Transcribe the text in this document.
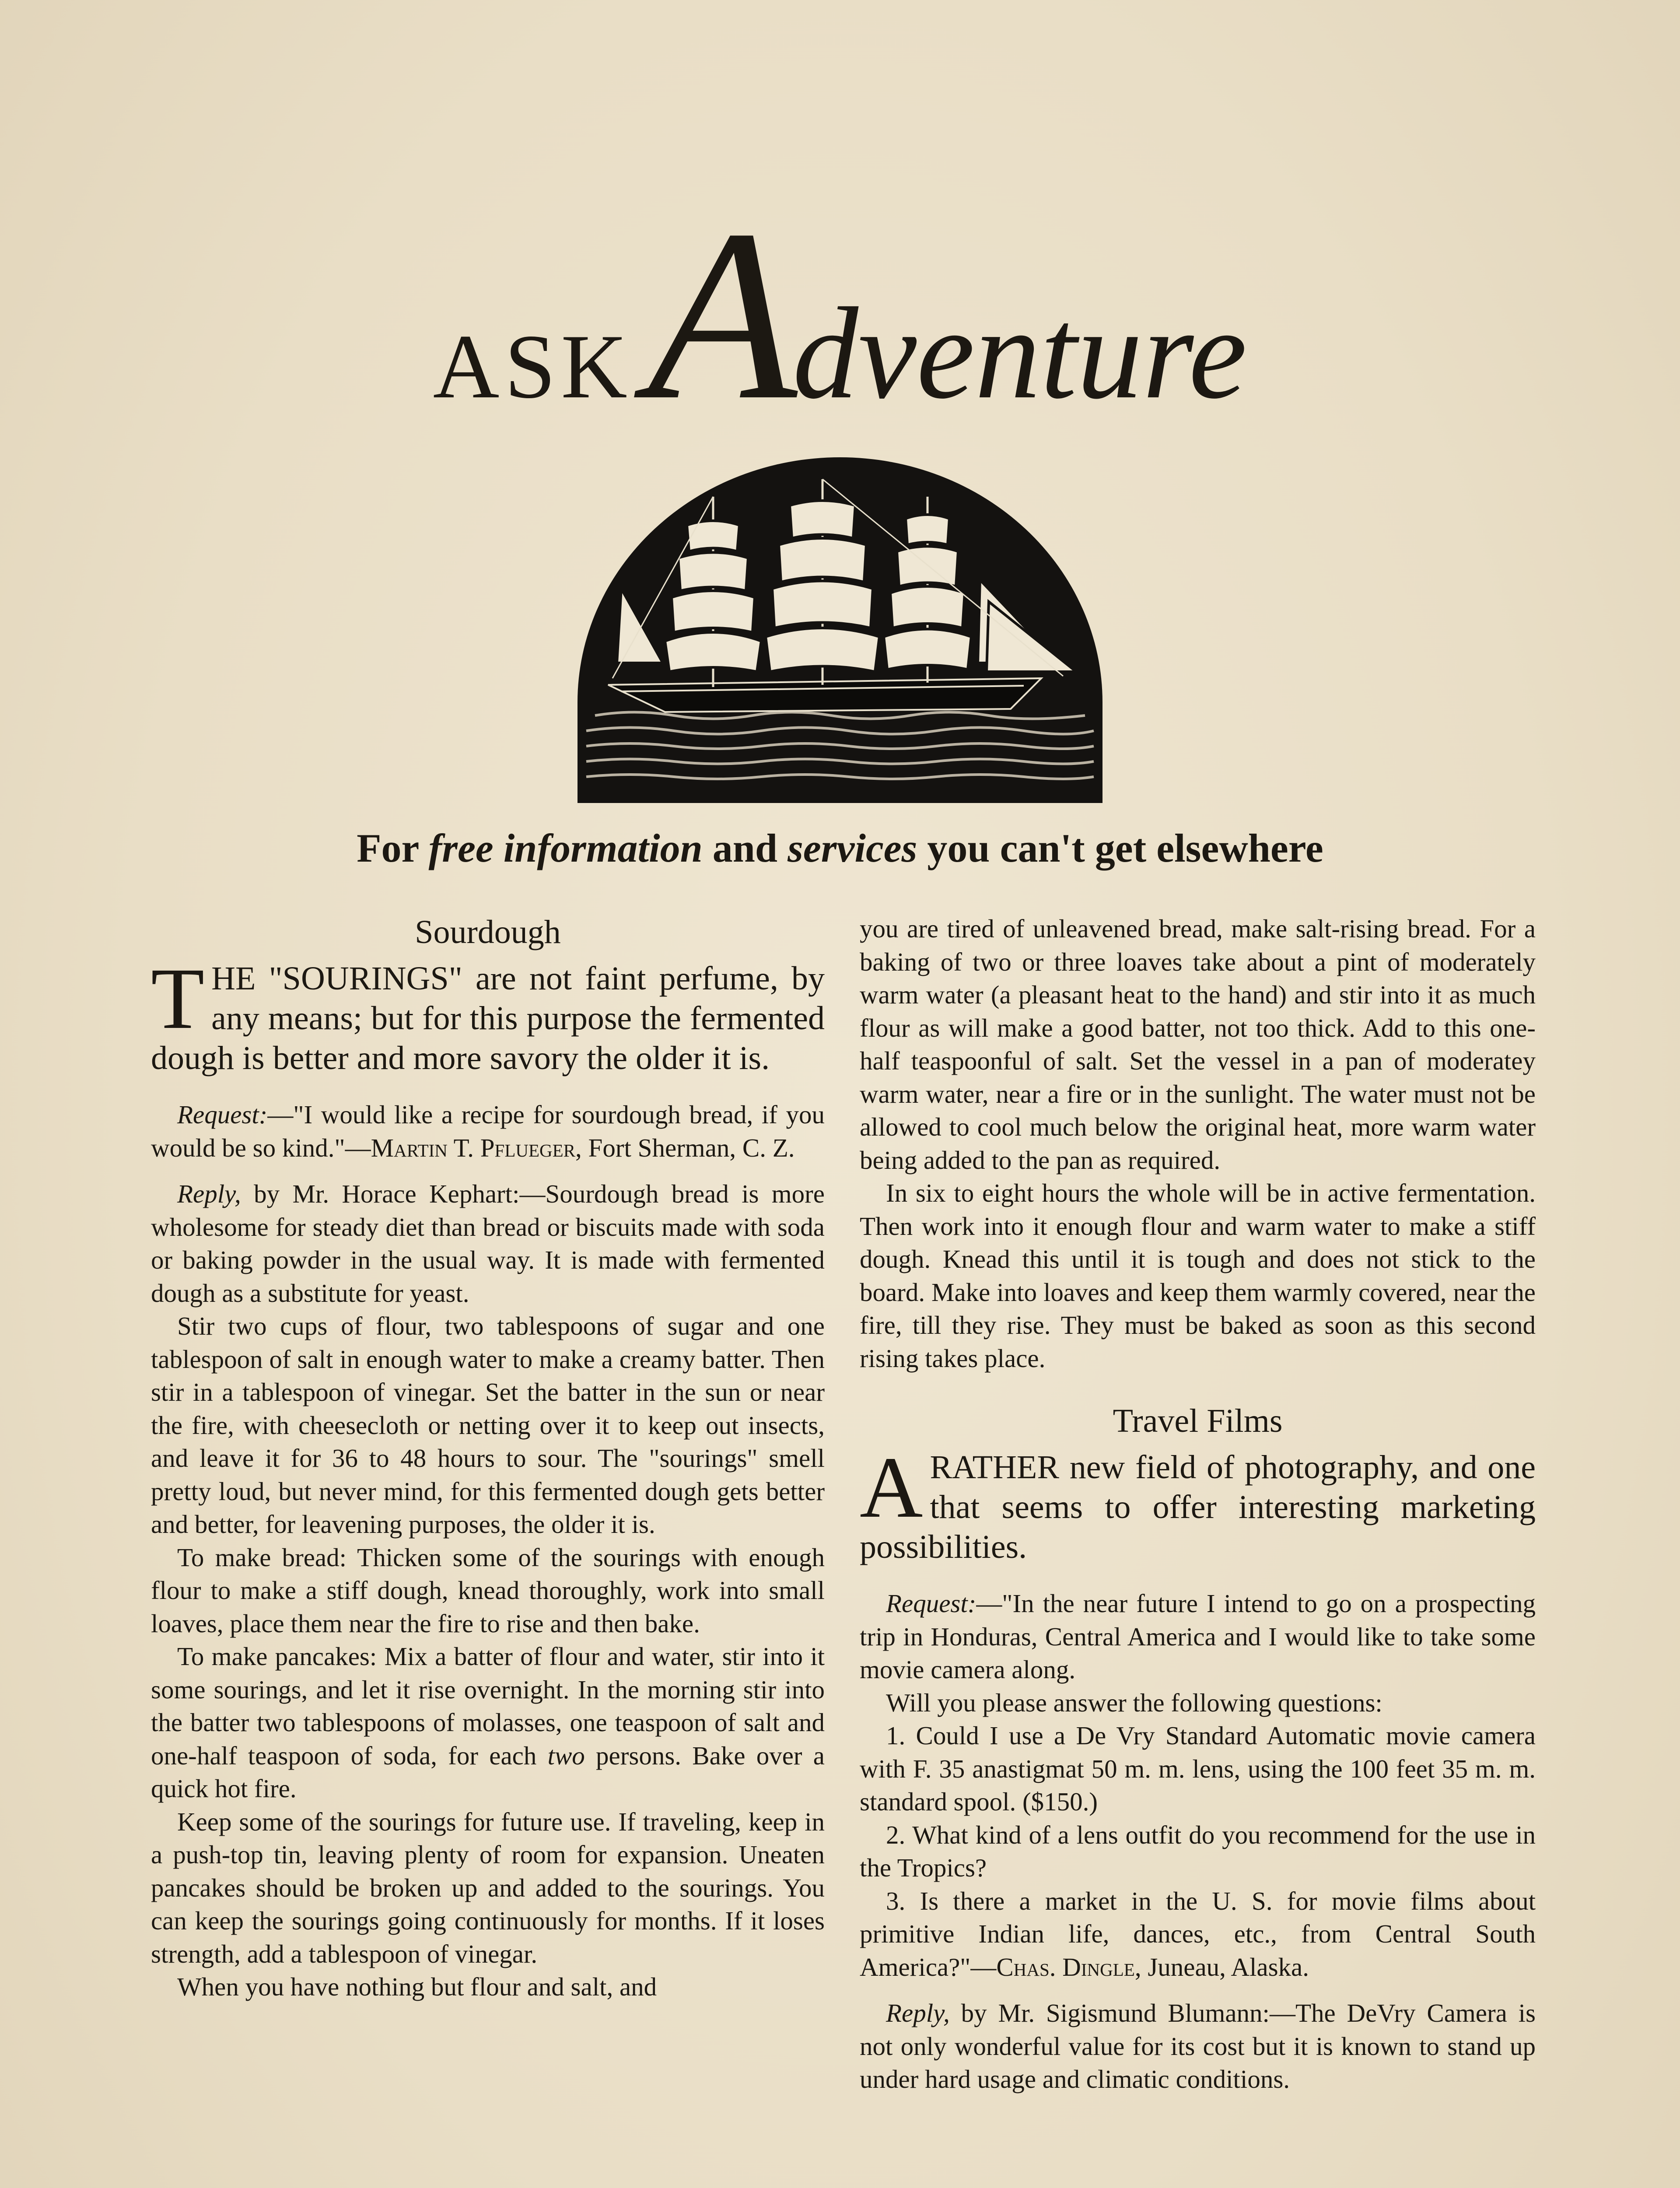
ASK Adventure
For free information and services you can't get elsewhere
Sourdough
THE "SOURINGS" are not faint perfume, by any means; but for this purpose the fermented dough is better and more savory the older it is.

Request:—"I would like a recipe for sourdough bread, if you would be so kind."—Martin T. Pflueger, Fort Sherman, C. Z.

Reply, by Mr. Horace Kephart:—Sourdough bread is more wholesome for steady diet than bread or biscuits made with soda or baking powder in the usual way. It is made with fermented dough as a substitute for yeast.

Stir two cups of flour, two tablespoons of sugar and one tablespoon of salt in enough water to make a creamy batter. Then stir in a tablespoon of vinegar. Set the batter in the sun or near the fire, with cheesecloth or netting over it to keep out insects, and leave it for 36 to 48 hours to sour. The "sourings" smell pretty loud, but never mind, for this fermented dough gets better and better, for leavening purposes, the older it is.

To make bread: Thicken some of the sourings with enough flour to make a stiff dough, knead thoroughly, work into small loaves, place them near the fire to rise and then bake.

To make pancakes: Mix a batter of flour and water, stir into it some sourings, and let it rise overnight. In the morning stir into the batter two tablespoons of molasses, one teaspoon of salt and one-half teaspoon of soda, for each two persons. Bake over a quick hot fire.

Keep some of the sourings for future use. If traveling, keep in a push-top tin, leaving plenty of room for expansion. Uneaten pancakes should be broken up and added to the sourings. You can keep the sourings going continuously for months. If it loses strength, add a tablespoon of vinegar.

When you have nothing but flour and salt, and

you are tired of unleavened bread, make salt-rising bread. For a baking of two or three loaves take about a pint of moderately warm water (a pleasant heat to the hand) and stir into it as much flour as will make a good batter, not too thick. Add to this one-half teaspoonful of salt. Set the vessel in a pan of moderatey warm water, near a fire or in the sunlight. The water must not be allowed to cool much below the original heat, more warm water being added to the pan as required.

In six to eight hours the whole will be in active fermentation. Then work into it enough flour and warm water to make a stiff dough. Knead this until it is tough and does not stick to the board. Make into loaves and keep them warmly covered, near the fire, till they rise. They must be baked as soon as this second rising takes place.

Travel Films
ARATHER new field of photography, and one that seems to offer interesting marketing possibilities.

Request:—"In the near future I intend to go on a prospecting trip in Honduras, Central America and I would like to take some movie camera along.

Will you please answer the following questions:

1. Could I use a De Vry Standard Automatic movie camera with F. 35 anastigmat 50 m. m. lens, using the 100 feet 35 m. m. standard spool. ($150.)

2. What kind of a lens outfit do you recommend for the use in the Tropics?

3. Is there a market in the U. S. for movie films about primitive Indian life, dances, etc., from Central South America?"—Chas. Dingle, Juneau, Alaska.

Reply, by Mr. Sigismund Blumann:—The DeVry Camera is not only wonderful value for its cost but it is known to stand up under hard usage and climatic conditions.
